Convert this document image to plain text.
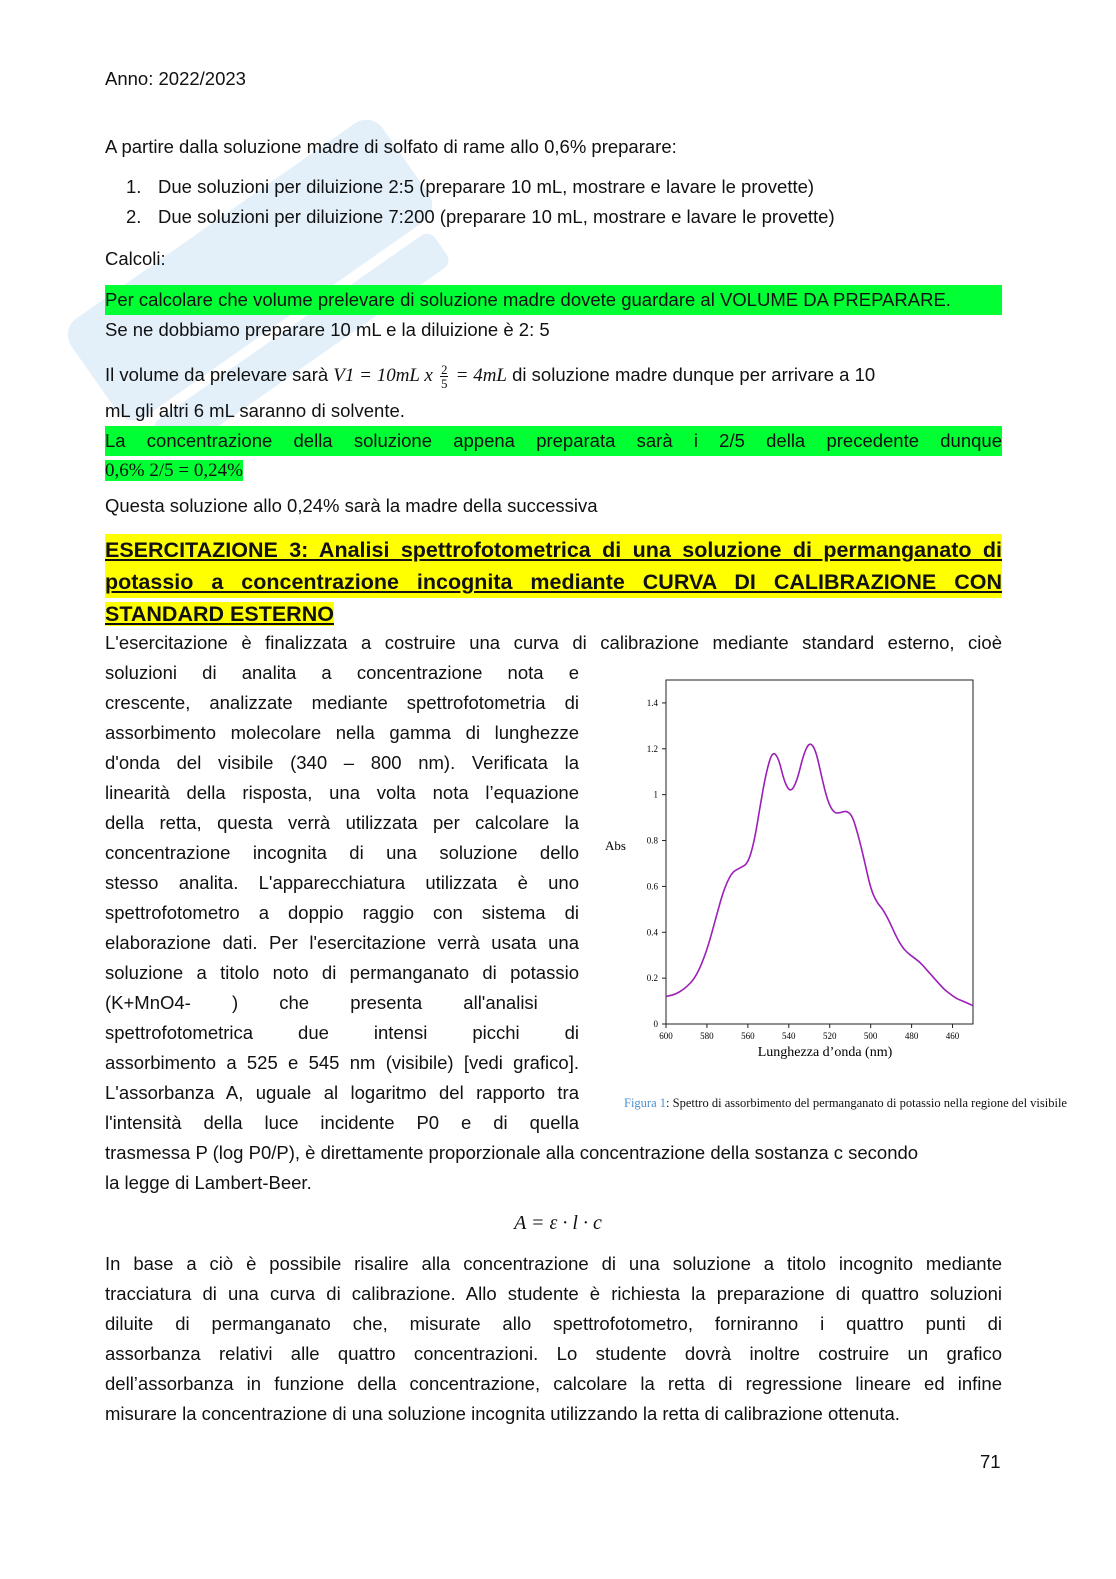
Anno: 2022/2023
A partire dalla soluzione madre di solfato di rame allo 0,6% preparare:
1. Due soluzioni per diluizione 2:5 (preparare 10 mL, mostrare e lavare le provette)
2. Due soluzioni per diluizione 7:200 (preparare 10 mL, mostrare e lavare le provette)
Calcoli:
Per calcolare che volume prelevare di soluzione madre dovete guardare al VOLUME DA PREPARARE.
Se ne dobbiamo preparare 10 mL e la diluizione è 2: 5
Il volume da prelevare sarà V1 = 10mL x $\frac{2}{5} = 4mL$ di soluzione madre dunque per arrivare a 10
mL gli altri 6 mL saranno di solvente.
La concentrazione della soluzione appena preparata sarà i 2/5 della precedente dunque
0,6% 2/5 = 0,24%
Questa soluzione allo 0,24% sarà la madre della successiva
ESERCITAZIONE 3: Analisi spettrofotometrica di una soluzione di permanganato di
potassio a concentrazione incognita mediante CURVA DI CALIBRAZIONE CON
STANDARD ESTERNO
L'esercitazione è finalizzata a costruire una curva di calibrazione mediante standard esterno, cioè
soluzioni di analita a concentrazione nota e
crescente, analizzate mediante spettrofotometria di
assorbimento molecolare nella gamma di lunghezze
d'onda del visibile (340 – 800 nm). Verificata la
linearità della risposta, una volta nota l’equazione
della retta, questa verrà utilizzata per calcolare la
concentrazione incognita di una soluzione dello
stesso analita. L'apparecchiatura utilizzata è uno
spettrofotometro a doppio raggio con sistema di
elaborazione dati. Per l'esercitazione verrà usata una
soluzione a titolo noto di permanganato di potassio
(K+MnO4-        )        che        presenta        all'analisi
spettrofotometrica due intensi picchi di
assorbimento a 525 e 545 nm (visibile) [vedi grafico].
L'assorbanza A, uguale al logaritmo del rapporto tra
l'intensità della luce incidente P0 e di quella
trasmessa P (log P0/P), è direttamente proporzionale alla concentrazione della sostanza c secondo
la legge di Lambert-Beer.
A = ε · l · c
In base a ciò è possibile risalire alla concentrazione di una soluzione a titolo incognito mediante
tracciatura di una curva di calibrazione. Allo studente è richiesta la preparazione di quattro soluzioni
diluite di permanganato che, misurate allo spettrofotometro, forniranno i quattro punti di
assorbanza relativi alle quattro concentrazioni. Lo studente dovrà inoltre costruire un grafico
dell’assorbanza in funzione della concentrazione, calcolare la retta di regressione lineare ed infine
misurare la concentrazione di una soluzione incognita utilizzando la retta di calibrazione ottenuta.
71
0
0.2
0.4
0.6
0.8
1
1.2
1.4
600	580	560	540	520	500	480	460
Abs
Lunghezza d’onda (nm)
Figura 1: Spettro di assorbimento del permanganato di potassio nella regione del visibile
